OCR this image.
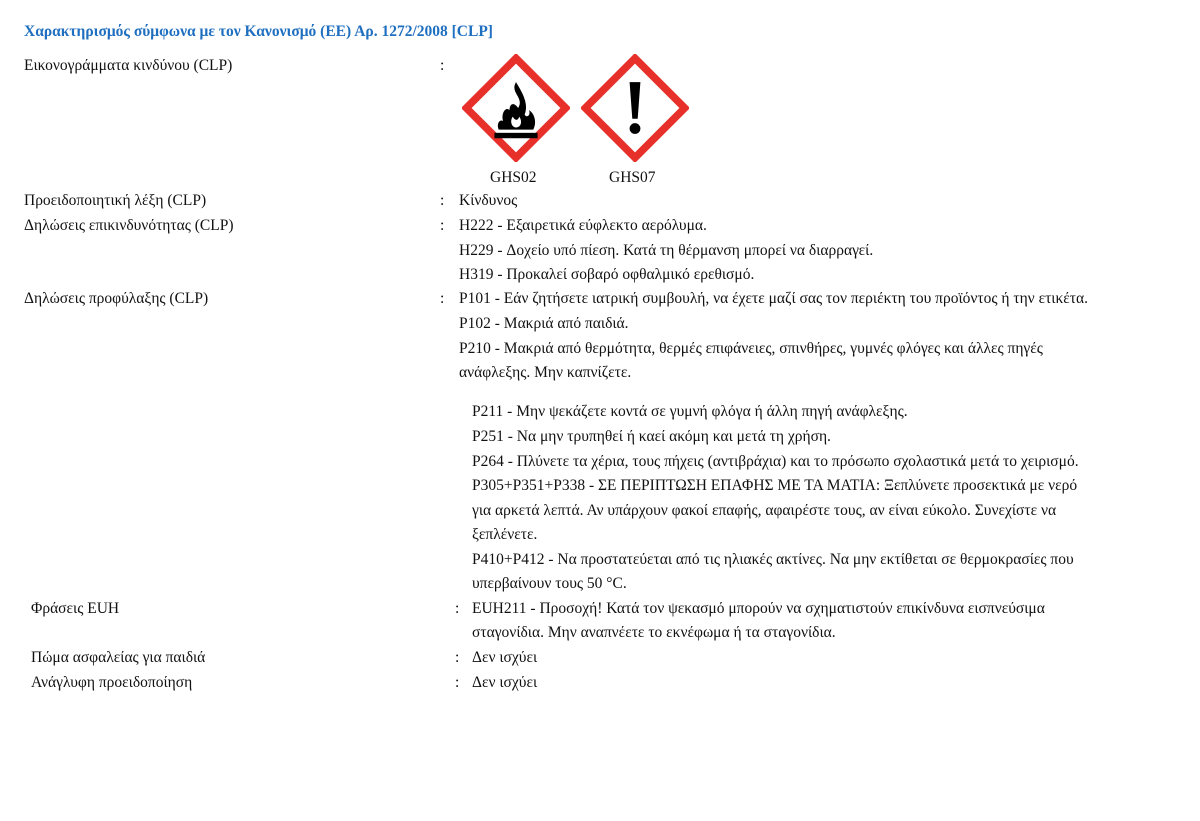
Χαρακτηρισμός σύμφωνα με τον Κανονισμό (ΕΕ) Αρ. 1272/2008 [CLP]
Εικονογράμματα κινδύνου (CLP)	:
GHS02	GHS07
Προειδοποιητική λέξη (CLP)	: Κίνδυνος
Δηλώσεις επικινδυνότητας (CLP)	: H222 - Εξαιρετικά εύφλεκτο αερόλυμα.
H229 - Δοχείο υπό πίεση. Κατά τη θέρμανση μπορεί να διαρραγεί.
H319 - Προκαλεί σοβαρό οφθαλμικό ερεθισμό.
Δηλώσεις προφύλαξης (CLP)	: P101 - Εάν ζητήσετε ιατρική συμβουλή, να έχετε μαζί σας τον περιέκτη του προϊόντος ή την ετικέτα.
P102 - Μακριά από παιδιά.
P210 - Μακριά από θερμότητα, θερμές επιφάνειες, σπινθήρες, γυμνές φλόγες και άλλες πηγές
ανάφλεξης. Μην καπνίζετε.
P211 - Μην ψεκάζετε κοντά σε γυμνή φλόγα ή άλλη πηγή ανάφλεξης.
P251 - Να μην τρυπηθεί ή καεί ακόμη και μετά τη χρήση.
P264 - Πλύνετε τα χέρια, τους πήχεις (αντιβράχια) και το πρόσωπο σχολαστικά μετά το χειρισμό.
P305+P351+P338 - ΣΕ ΠΕΡΙΠΤΩΣΗ ΕΠΑΦΗΣ ΜΕ ΤΑ ΜΑΤΙΑ: Ξεπλύνετε προσεκτικά με νερό
για αρκετά λεπτά. Αν υπάρχουν φακοί επαφής, αφαιρέστε τους, αν είναι εύκολο. Συνεχίστε να
ξεπλένετε.
P410+P412 - Να προστατεύεται από τις ηλιακές ακτίνες. Να μην εκτίθεται σε θερμοκρασίες που
υπερβαίνουν τους 50 °C.
Φράσεις EUH	: EUH211 - Προσοχή! Κατά τον ψεκασμό μπορούν να σχηματιστούν επικίνδυνα εισπνεύσιμα
σταγονίδια. Μην αναπνέετε το εκνέφωμα ή τα σταγονίδια.
Πώμα ασφαλείας για παιδιά	: Δεν ισχύει
Ανάγλυφη προειδοποίηση	: Δεν ισχύει
